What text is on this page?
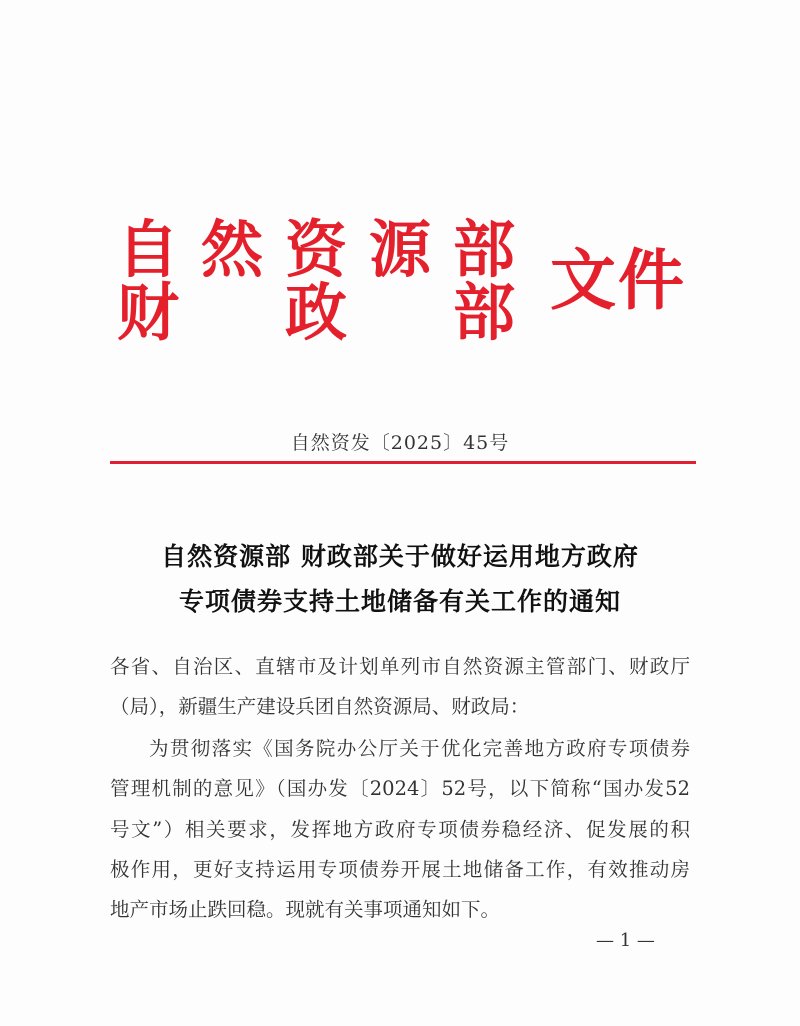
自 然 资 源 部
财 政 部 文件
自然资发〔2025〕45号
自然资源部 财政部关于做好运用地方政府
专项债券支持土地储备有关工作的通知
各省、自治区、直辖市及计划单列市自然资源主管部门、财政厅
（局），新疆生产建设兵团自然资源局、财政局：
为贯彻落实《国务院办公厅关于优化完善地方政府专项债券
管理机制的意见》（国办发〔2024〕52号，以下简称“国办发52
号文”）相关要求，发挥地方政府专项债券稳经济、促发展的积
极作用，更好支持运用专项债券开展土地储备工作，有效推动房
地产市场止跌回稳。现就有关事项通知如下。
— 1 —
